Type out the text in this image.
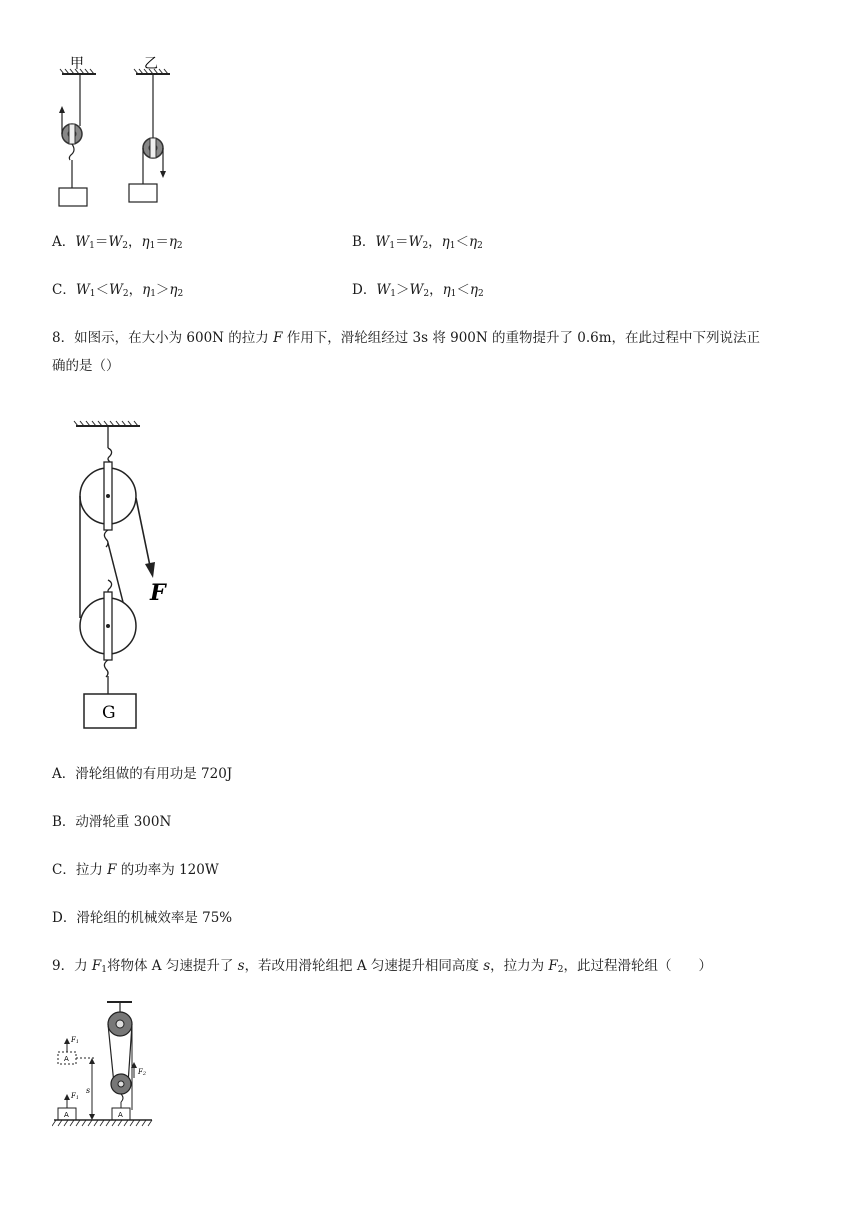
甲	乙
A．$W_1=W_2$，$\eta_1=\eta_2$	B．$W_1=W_2$，$\eta_1<\eta_2$
C．$W_1<W_2$，$\eta_1>\eta_2$	D．$W_1>W_2$，$\eta_1<\eta_2$
8．如图示，在大小为 600N 的拉力 F 作用下，滑轮组经过 3s 将 900N 的重物提升了 0.6m，在此过程中下列说法正
确的是（）
F
G
A．滑轮组做的有用功是 720J
B．动滑轮重 300N
C．拉力 F 的功率为 120W
D．滑轮组的机械效率是 75%
9．力 $F_1$将物体 A 匀速提升了 s，若改用滑轮组把 A 匀速提升相同高度 s，拉力为 $F_2$，此过程滑轮组（　　）
F2
A
A
F1
A
F1
s
